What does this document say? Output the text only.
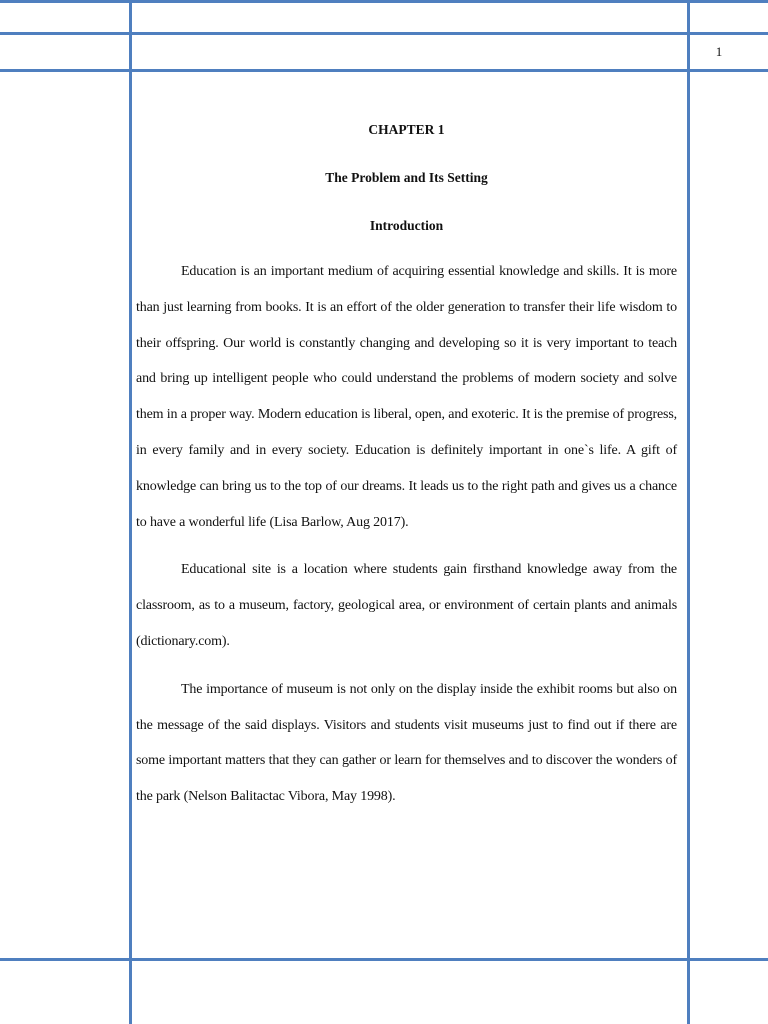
1
CHAPTER 1
The Problem and Its Setting
Introduction

Education is an important medium of acquiring essential knowledge and skills. It is more than just learning from books. It is an effort of the older generation to transfer their life wisdom to their offspring. Our world is constantly changing and developing so it is very important to teach and bring up intelligent people who could understand the problems of modern society and solve them in a proper way. Modern education is liberal, open, and exoteric. It is the premise of progress, in every family and in every society. Education is definitely important in one`s life. A gift of knowledge can bring us to the top of our dreams. It leads us to the right path and gives us a chance to have a wonderful life (Lisa Barlow, Aug 2017).

Educational site is a location where students gain firsthand knowledge away from the classroom, as to a museum, factory, geological area, or environment of certain plants and animals (dictionary.com).

The importance of museum is not only on the display inside the exhibit rooms but also on the message of the said displays. Visitors and students visit museums just to find out if there are some important matters that they can gather or learn for themselves and to discover the wonders of the park (Nelson Balitactac Vibora, May 1998).
